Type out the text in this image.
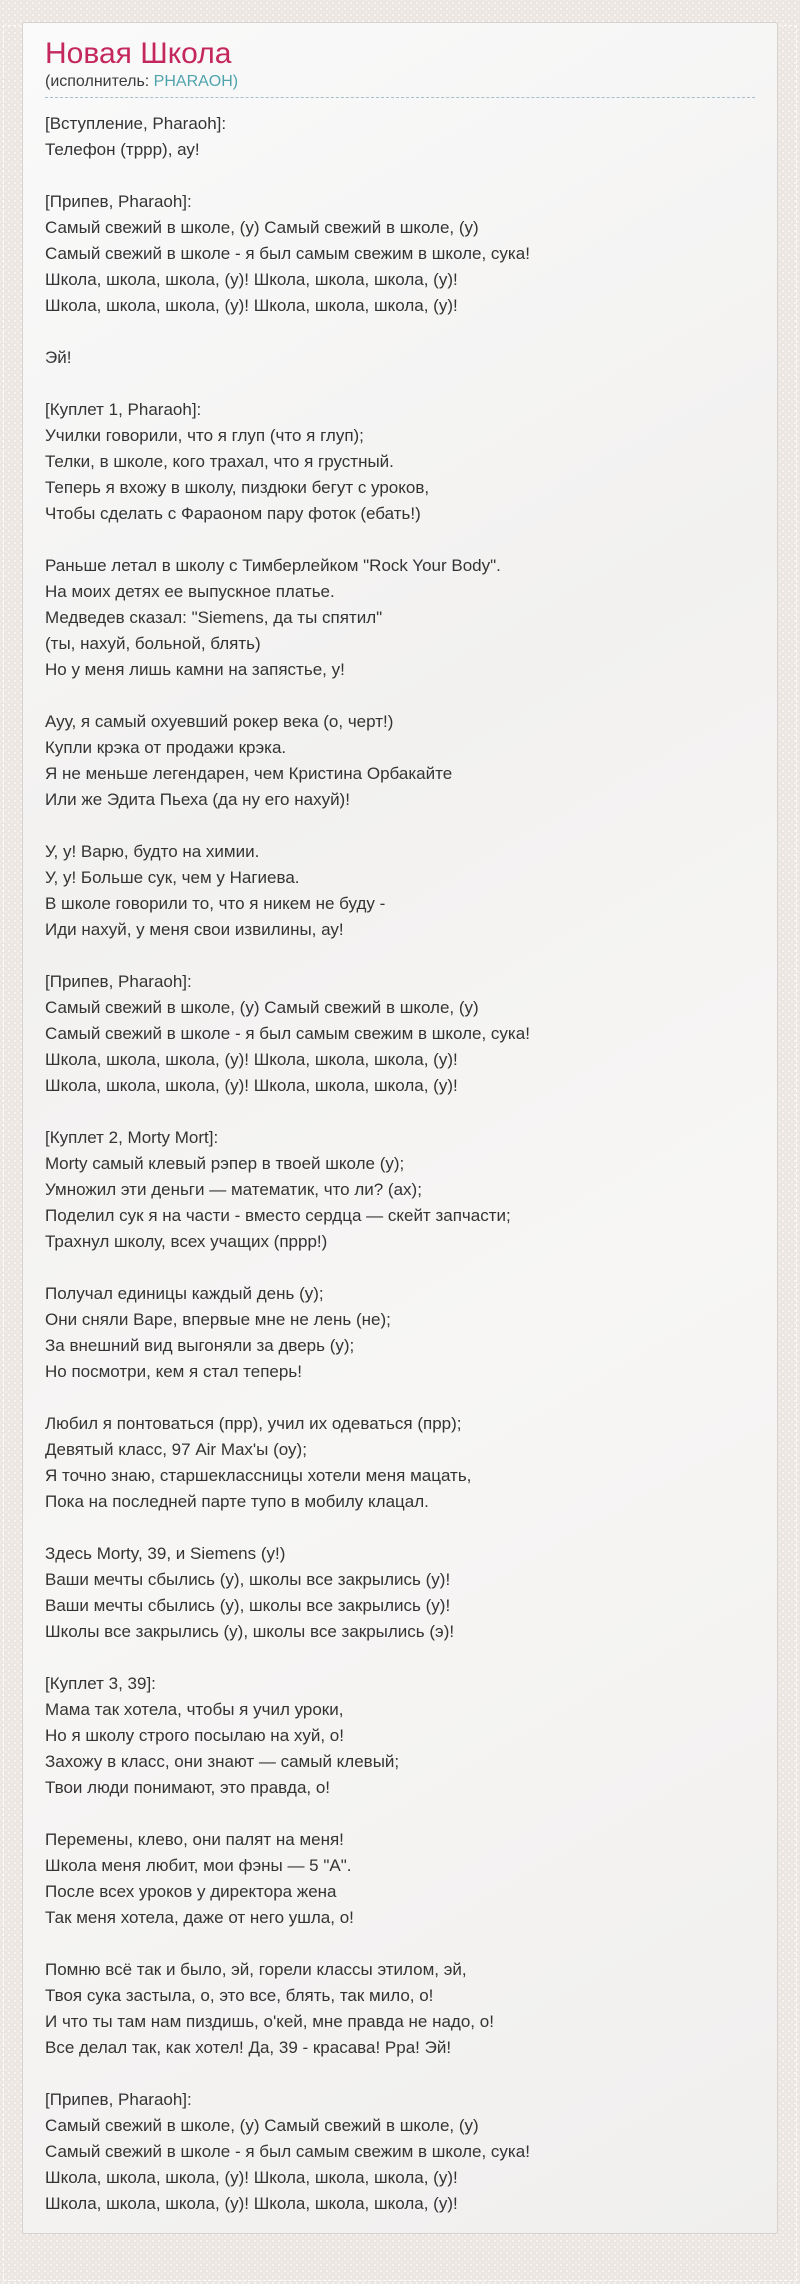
Новая Школа
(исполнитель: PHARAOH)
[Вступление, Pharaoh]:
Телефон (тррр), ау!
[Припев, Pharaoh]:
Самый свежий в школе, (у) Самый свежий в школе, (у)
Самый свежий в школе - я был самым свежим в школе, сука!
Школа, школа, школа, (у)! Школа, школа, школа, (у)!
Школа, школа, школа, (у)! Школа, школа, школа, (у)!
Эй!
[Куплет 1, Pharaoh]:
Училки говорили, что я глуп (что я глуп);
Телки, в школе, кого трахал, что я грустный.
Теперь я вхожу в школу, пиздюки бегут с уроков,
Чтобы сделать с Фараоном пару фоток (ебать!)
Раньше летал в школу с Тимберлейком "Rock Your Body".
На моих детях ее выпускное платье.
Медведев сказал: "Siemens, да ты спятил"
(ты, нахуй, больной, блять)
Но у меня лишь камни на запястье, у!
Ауу, я самый охуевший рокер века (о, черт!)
Купли крэка от продажи крэка.
Я не меньше легендарен, чем Кристина Орбакайте
Или же Эдита Пьеха (да ну его нахуй)!
У, у! Варю, будто на химии.
У, у! Больше сук, чем у Нагиева.
В школе говорили то, что я никем не буду -
Иди нахуй, у меня свои извилины, ау!
[Припев, Pharaoh]:
Самый свежий в школе, (у) Самый свежий в школе, (у)
Самый свежий в школе - я был самым свежим в школе, сука!
Школа, школа, школа, (у)! Школа, школа, школа, (у)!
Школа, школа, школа, (у)! Школа, школа, школа, (у)!
[Куплет 2, Morty Mort]:
Morty самый клевый рэпер в твоей школе (у);
Умножил эти деньги — математик, что ли? (ах);
Поделил сук я на части - вместо сердца — скейт запчасти;
Трахнул школу, всех учащих (пррр!)
Получал единицы каждый день (у);
Они сняли Варе, впервые мне не лень (не);
За внешний вид выгоняли за дверь (у);
Но посмотри, кем я стал теперь!
Любил я понтоваться (прр), учил их одеваться (прр);
Девятый класс, 97 Air Max'ы (оу);
Я точно знаю, старшеклассницы хотели меня мацать,
Пока на последней парте тупо в мобилу клацал.
Здесь Morty, 39, и Siemens (у!)
Ваши мечты сбылись (у), школы все закрылись (у)!
Ваши мечты сбылись (у), школы все закрылись (у)!
Школы все закрылись (у), школы все закрылись (э)!
[Куплет 3, 39]:
Мама так хотела, чтобы я учил уроки,
Но я школу строго посылаю на хуй, о!
Захожу в класс, они знают — самый клевый;
Твои люди понимают, это правда, о!
Перемены, клево, они палят на меня!
Школа меня любит, мои фэны — 5 "А".
После всех уроков у директора жена
Так меня хотела, даже от него ушла, о!
Помню всё так и было, эй, горели классы этилом, эй,
Твоя сука застыла, о, это все, блять, так мило, о!
И что ты там нам пиздишь, о'кей, мне правда не надо, о!
Все делал так, как хотел! Да, 39 - красава! Рра! Эй!
[Припев, Pharaoh]:
Самый свежий в школе, (у) Самый свежий в школе, (у)
Самый свежий в школе - я был самым свежим в школе, сука!
Школа, школа, школа, (у)! Школа, школа, школа, (у)!
Школа, школа, школа, (у)! Школа, школа, школа, (у)!
